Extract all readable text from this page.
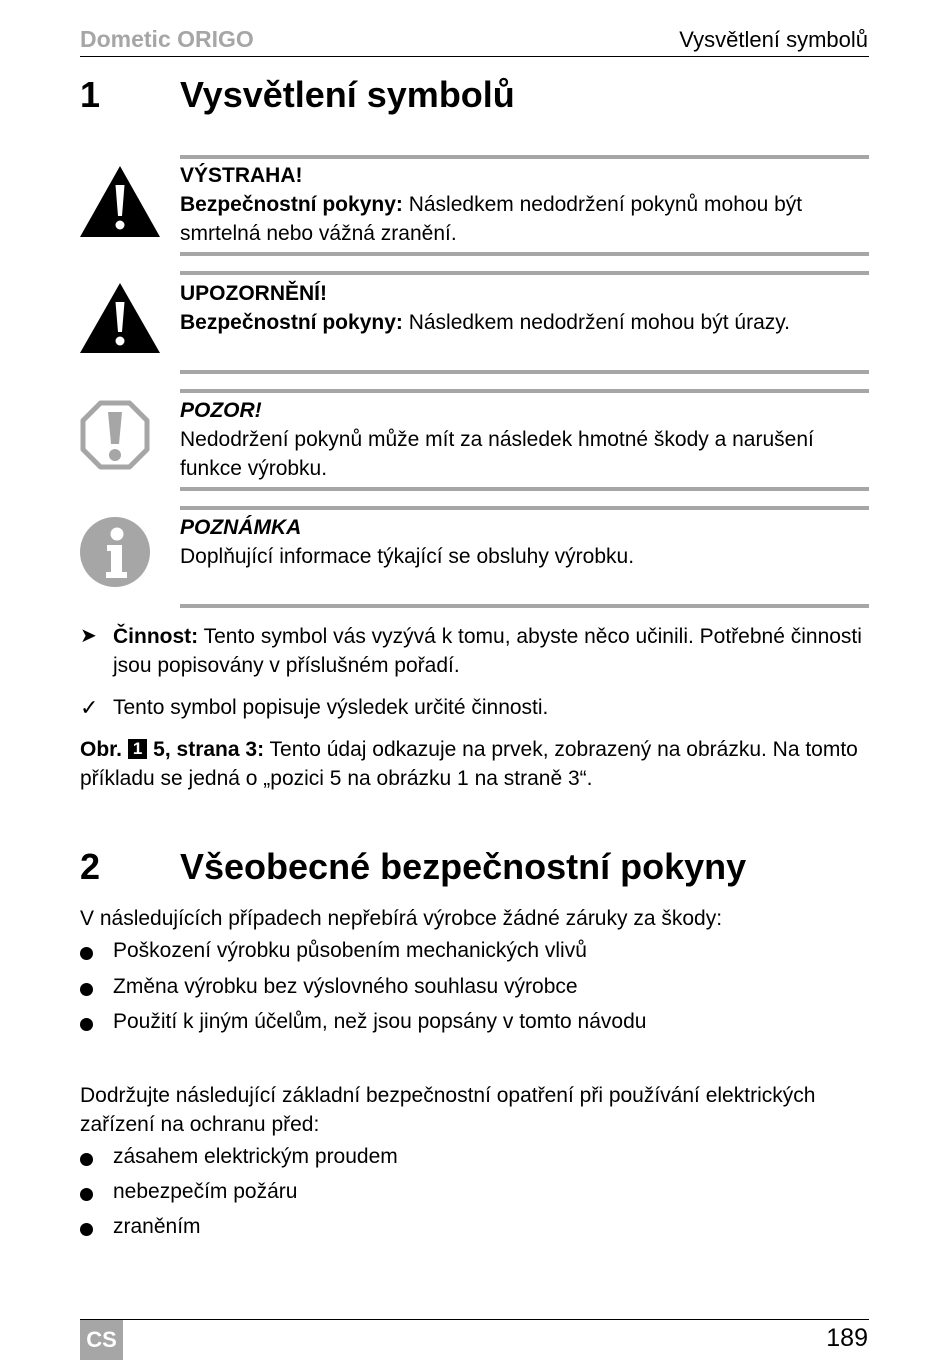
Dometic ORIGO	Vysvětlení symbolů
1 Vysvětlení symbolů
VÝSTRAHA!
Bezpečnostní pokyny: Následkem nedodržení pokynů mohou být smrtelná nebo vážná zranění.
UPOZORNĚNÍ!
Bezpečnostní pokyny: Následkem nedodržení mohou být úrazy.
POZOR!
Nedodržení pokynů může mít za následek hmotné škody a narušení funkce výrobku.
POZNÁMKA
Doplňující informace týkající se obsluhy výrobku.
➤ Činnost: Tento symbol vás vyzývá k tomu, abyste něco učinili. Potřebné činnosti jsou popisovány v příslušném pořadí.
✓ Tento symbol popisuje výsledek určité činnosti.
Obr. 1 5, strana 3: Tento údaj odkazuje na prvek, zobrazený na obrázku. Na tomto příkladu se jedná o „pozici 5 na obrázku 1 na straně 3“.
2 Všeobecné bezpečnostní pokyny
V následujících případech nepřebírá výrobce žádné záruky za škody:
Poškození výrobku působením mechanických vlivů
Změna výrobku bez výslovného souhlasu výrobce
Použití k jiným účelům, než jsou popsány v tomto návodu
Dodržujte následující základní bezpečnostní opatření při používání elektrických zařízení na ochranu před:
zásahem elektrickým proudem
nebezpečím požáru
zraněním
CS	189
